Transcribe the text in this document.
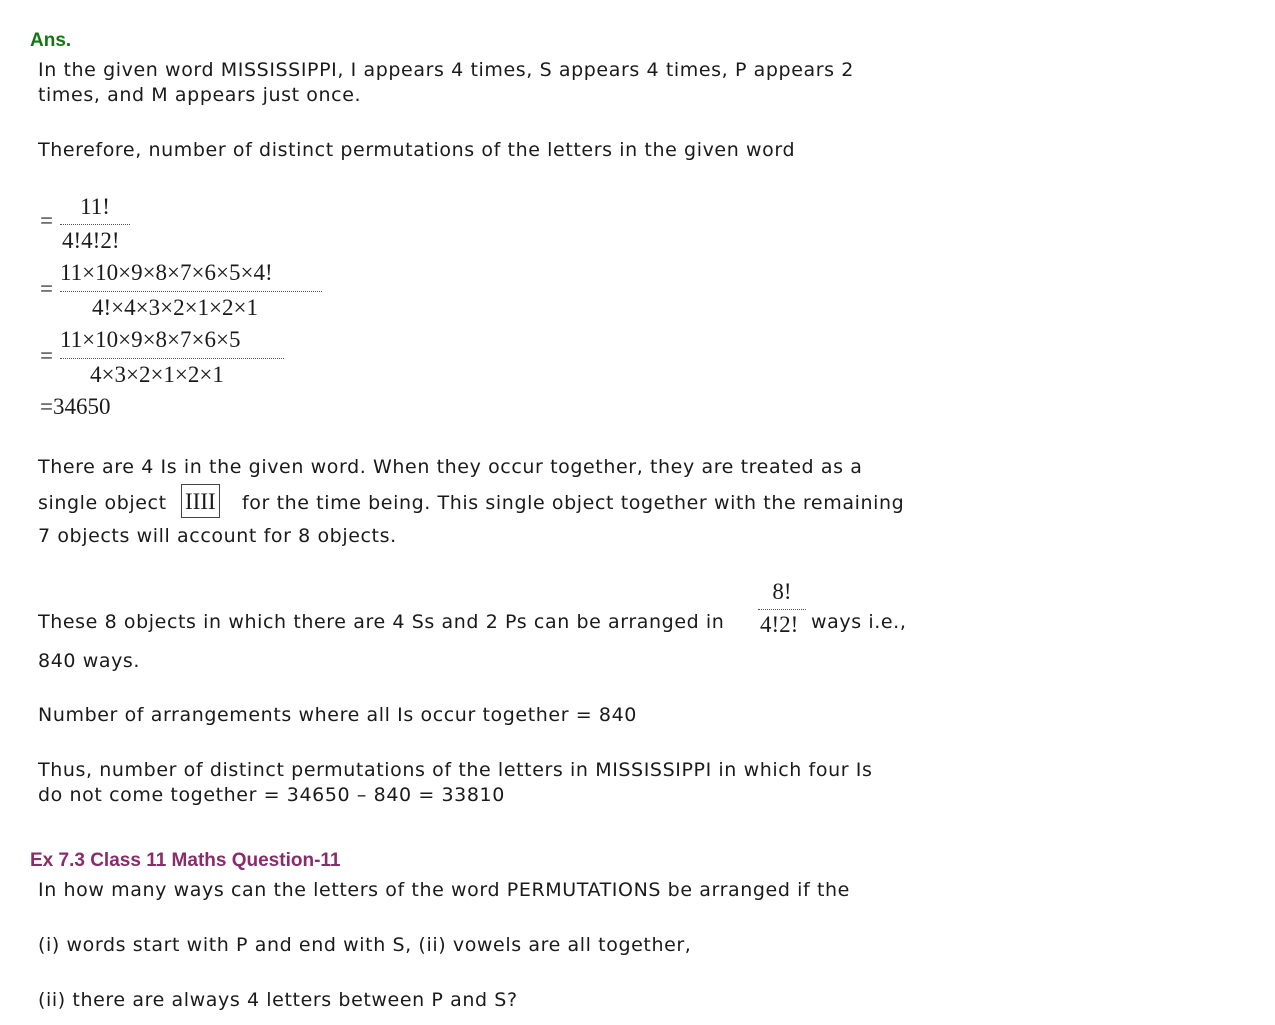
Ans.
In the given word MISSISSIPPI, I appears 4 times, S appears 4 times, P appears 2
times, and M appears just once.
Therefore, number of distinct permutations of the letters in the given word
=
11!
4!4!2!
=
11×10×9×8×7×6×5×4!
4!×4×3×2×1×2×1
=
11×10×9×8×7×6×5
4×3×2×1×2×1
=34650
There are 4 Is in the given word. When they occur together, they are treated as a
single object IIII for the time being. This single object together with the remaining
7 objects will account for 8 objects.
These 8 objects in which there are 4 Ss and 2 Ps can be arranged in
8!
4!2! ways i.e.,
840 ways.
Number of arrangements where all Is occur together = 840
Thus, number of distinct permutations of the letters in MISSISSIPPI in which four Is
do not come together = 34650 – 840 = 33810
Ex 7.3 Class 11 Maths Question-11
In how many ways can the letters of the word PERMUTATIONS be arranged if the
(i) words start with P and end with S, (ii) vowels are all together,
(ii) there are always 4 letters between P and S?
